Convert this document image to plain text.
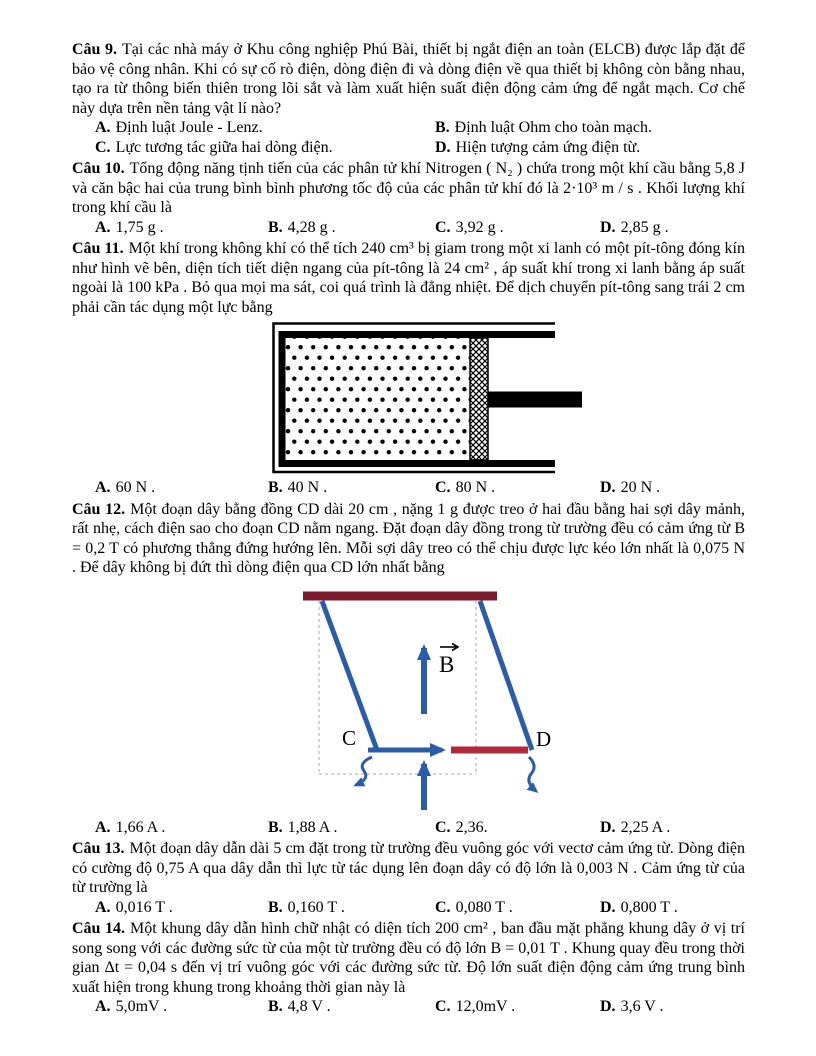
Câu 9. Tại các nhà máy ở Khu công nghiệp Phú Bài, thiết bị ngắt điện an toàn (ELCB) được lắp đặt để bảo vệ công nhân. Khi có sự cố rò điện, dòng điện đi và dòng điện về qua thiết bị không còn bằng nhau, tạo ra từ thông biến thiên trong lõi sắt và làm xuất hiện suất điện động cảm ứng để ngắt mạch. Cơ chế này dựa trên nền tảng vật lí nào?

A. Định luật Joule - Lenz.	B. Định luật Ohm cho toàn mạch.
C. Lực tương tác giữa hai dòng điện.	D. Hiện tượng cảm ứng điện từ.

Câu 10. Tổng động năng tịnh tiến của các phân tử khí Nitrogen ( N₂ ) chứa trong một khí cầu bằng 5,8 J và căn bậc hai của trung bình bình phương tốc độ của các phân tử khí đó là 2·10³ m / s . Khối lượng khí trong khí cầu là

A. 1,75 g .	B. 4,28 g .	C. 3,92 g .	D. 2,85 g .

Câu 11. Một khí trong không khí có thể tích 240 cm³ bị giam trong một xi lanh có một pít-tông đóng kín như hình vẽ bên, diện tích tiết diện ngang của pít-tông là 24 cm² , áp suất khí trong xi lanh bằng áp suất ngoài là 100 kPa . Bỏ qua mọi ma sát, coi quá trình là đẳng nhiệt. Để dịch chuyển pít-tông sang trái 2 cm phải cần tác dụng một lực bằng

A. 60 N .	B. 40 N .	C. 80 N .	D. 20 N .

Câu 12. Một đoạn dây bằng đồng CD dài 20 cm , nặng 1 g được treo ở hai đầu bằng hai sợi dây mảnh, rất nhẹ, cách điện sao cho đoạn CD nằm ngang. Đặt đoạn dây đồng trong từ trường đều có cảm ứng từ B = 0,2 T có phương thẳng đứng hướng lên. Mỗi sợi dây treo có thể chịu được lực kéo lớn nhất là 0,075 N . Để dây không bị đứt thì dòng điện qua CD lớn nhất bằng

B
C	D
A. 1,66 A .	B. 1,88 A .	C. 2,36.	D. 2,25 A .

Câu 13. Một đoạn dây dẫn dài 5 cm đặt trong từ trường đều vuông góc với vectơ cảm ứng từ. Dòng điện có cường độ 0,75 A qua dây dẫn thì lực từ tác dụng lên đoạn dây có độ lớn là 0,003 N . Cảm ứng từ của từ trường là

A. 0,016 T .	B. 0,160 T .	C. 0,080 T .	D. 0,800 T .

Câu 14. Một khung dây dẫn hình chữ nhật có diện tích 200 cm² , ban đầu mặt phẳng khung dây ở vị trí song song với các đường sức từ của một từ trường đều có độ lớn B = 0,01 T . Khung quay đều trong thời gian Δt = 0,04 s đến vị trí vuông góc với các đường sức từ. Độ lớn suất điện động cảm ứng trung bình xuất hiện trong khung trong khoảng thời gian này là

A. 5,0mV .	B. 4,8 V .	C. 12,0mV .	D. 3,6 V .
